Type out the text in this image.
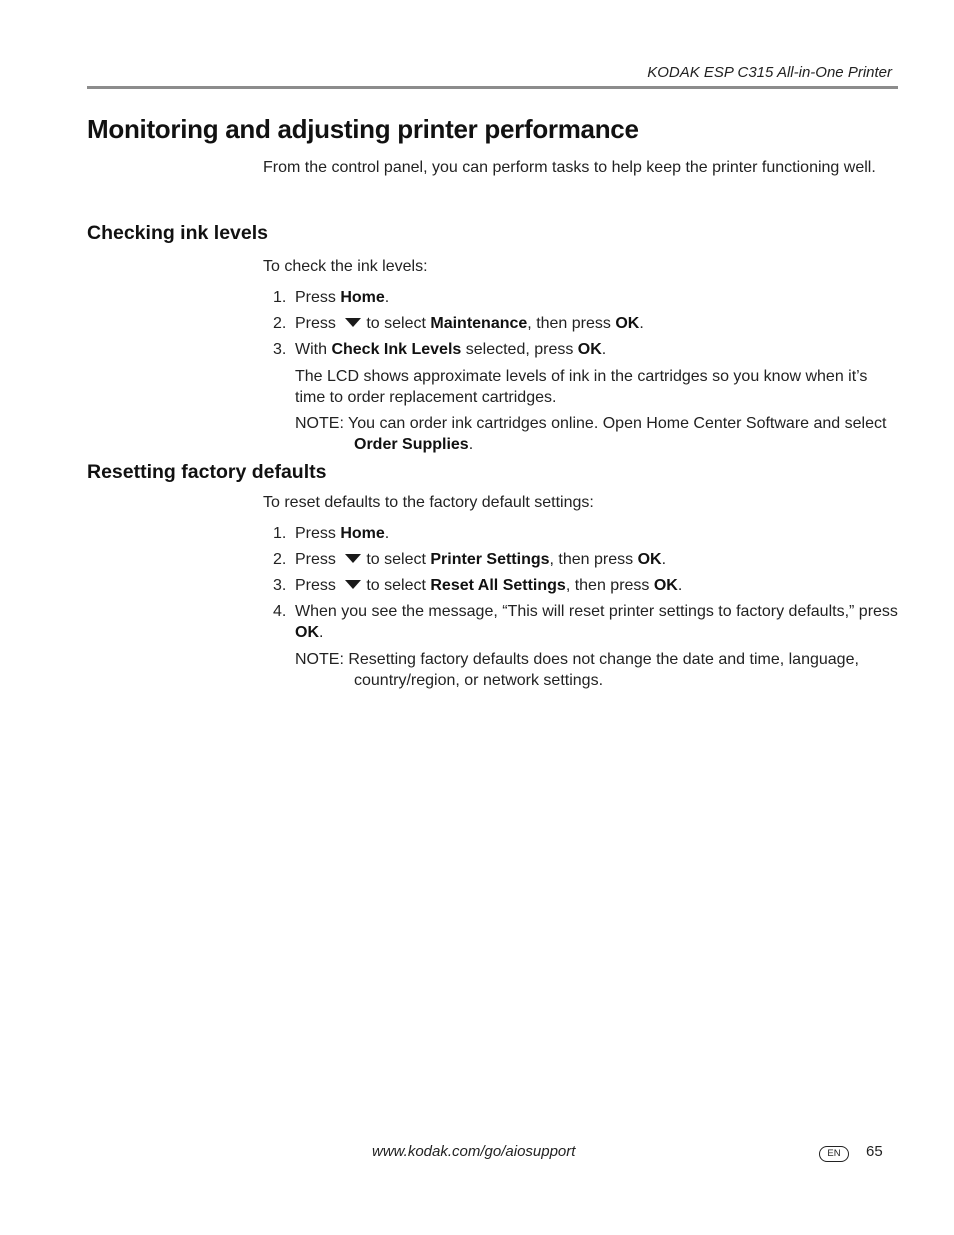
KODAK ESP C315 All-in-One Printer
Monitoring and adjusting printer performance

From the control panel, you can perform tasks to help keep the printer functioning well.

Checking ink levels

To check the ink levels:

1. Press Home.
2. Press to select Maintenance, then press OK.
3. With Check Ink Levels selected, press OK.

The LCD shows approximate levels of ink in the cartridges so you know when it’s time to order replacement cartridges.

NOTE: You can order ink cartridges online. Open Home Center Software and select Order Supplies.

Resetting factory defaults

To reset defaults to the factory default settings:

1. Press Home.
2. Press to select Printer Settings, then press OK.
3. Press to select Reset All Settings, then press OK.
4. When you see the message, “This will reset printer settings to factory defaults,” press OK.

NOTE: Resetting factory defaults does not change the date and time, language, country/region, or network settings.

www.kodak.com/go/aiosupport	EN	65
